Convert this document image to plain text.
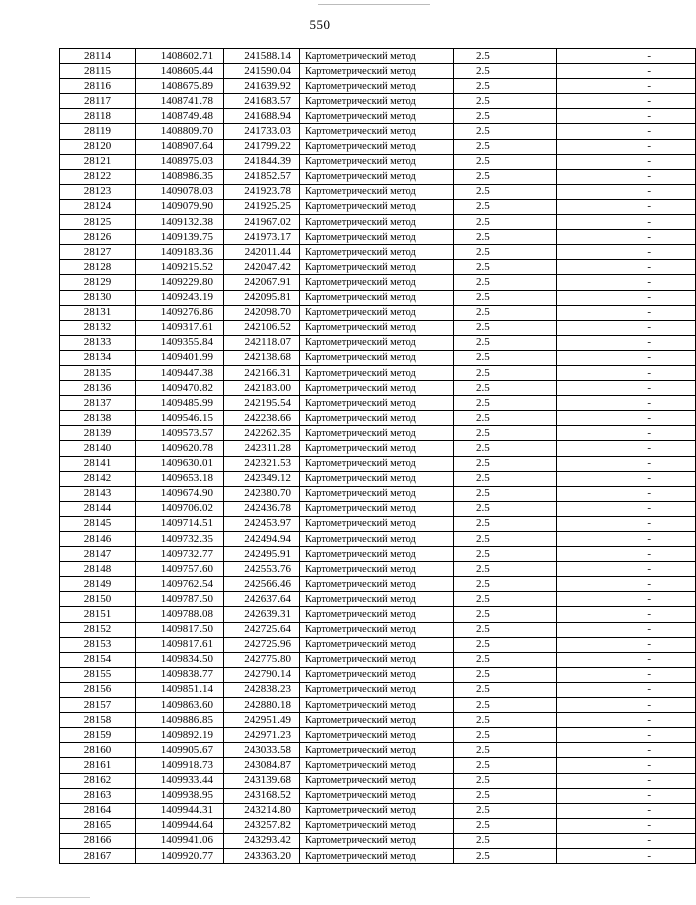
550
28114	1408602.71	241588.14	Картометрический метод	2.5	-
28115	1408605.44	241590.04	Картометрический метод	2.5	-
28116	1408675.89	241639.92	Картометрический метод	2.5	-
28117	1408741.78	241683.57	Картометрический метод	2.5	-
28118	1408749.48	241688.94	Картометрический метод	2.5	-
28119	1408809.70	241733.03	Картометрический метод	2.5	-
28120	1408907.64	241799.22	Картометрический метод	2.5	-
28121	1408975.03	241844.39	Картометрический метод	2.5	-
28122	1408986.35	241852.57	Картометрический метод	2.5	-
28123	1409078.03	241923.78	Картометрический метод	2.5	-
28124	1409079.90	241925.25	Картометрический метод	2.5	-
28125	1409132.38	241967.02	Картометрический метод	2.5	-
28126	1409139.75	241973.17	Картометрический метод	2.5	-
28127	1409183.36	242011.44	Картометрический метод	2.5	-
28128	1409215.52	242047.42	Картометрический метод	2.5	-
28129	1409229.80	242067.91	Картометрический метод	2.5	-
28130	1409243.19	242095.81	Картометрический метод	2.5	-
28131	1409276.86	242098.70	Картометрический метод	2.5	-
28132	1409317.61	242106.52	Картометрический метод	2.5	-
28133	1409355.84	242118.07	Картометрический метод	2.5	-
28134	1409401.99	242138.68	Картометрический метод	2.5	-
28135	1409447.38	242166.31	Картометрический метод	2.5	-
28136	1409470.82	242183.00	Картометрический метод	2.5	-
28137	1409485.99	242195.54	Картометрический метод	2.5	-
28138	1409546.15	242238.66	Картометрический метод	2.5	-
28139	1409573.57	242262.35	Картометрический метод	2.5	-
28140	1409620.78	242311.28	Картометрический метод	2.5	-
28141	1409630.01	242321.53	Картометрический метод	2.5	-
28142	1409653.18	242349.12	Картометрический метод	2.5	-
28143	1409674.90	242380.70	Картометрический метод	2.5	-
28144	1409706.02	242436.78	Картометрический метод	2.5	-
28145	1409714.51	242453.97	Картометрический метод	2.5	-
28146	1409732.35	242494.94	Картометрический метод	2.5	-
28147	1409732.77	242495.91	Картометрический метод	2.5	-
28148	1409757.60	242553.76	Картометрический метод	2.5	-
28149	1409762.54	242566.46	Картометрический метод	2.5	-
28150	1409787.50	242637.64	Картометрический метод	2.5	-
28151	1409788.08	242639.31	Картометрический метод	2.5	-
28152	1409817.50	242725.64	Картометрический метод	2.5	-
28153	1409817.61	242725.96	Картометрический метод	2.5	-
28154	1409834.50	242775.80	Картометрический метод	2.5	-
28155	1409838.77	242790.14	Картометрический метод	2.5	-
28156	1409851.14	242838.23	Картометрический метод	2.5	-
28157	1409863.60	242880.18	Картометрический метод	2.5	-
28158	1409886.85	242951.49	Картометрический метод	2.5	-
28159	1409892.19	242971.23	Картометрический метод	2.5	-
28160	1409905.67	243033.58	Картометрический метод	2.5	-
28161	1409918.73	243084.87	Картометрический метод	2.5	-
28162	1409933.44	243139.68	Картометрический метод	2.5	-
28163	1409938.95	243168.52	Картометрический метод	2.5	-
28164	1409944.31	243214.80	Картометрический метод	2.5	-
28165	1409944.64	243257.82	Картометрический метод	2.5	-
28166	1409941.06	243293.42	Картометрический метод	2.5	-
28167	1409920.77	243363.20	Картометрический метод	2.5	-
